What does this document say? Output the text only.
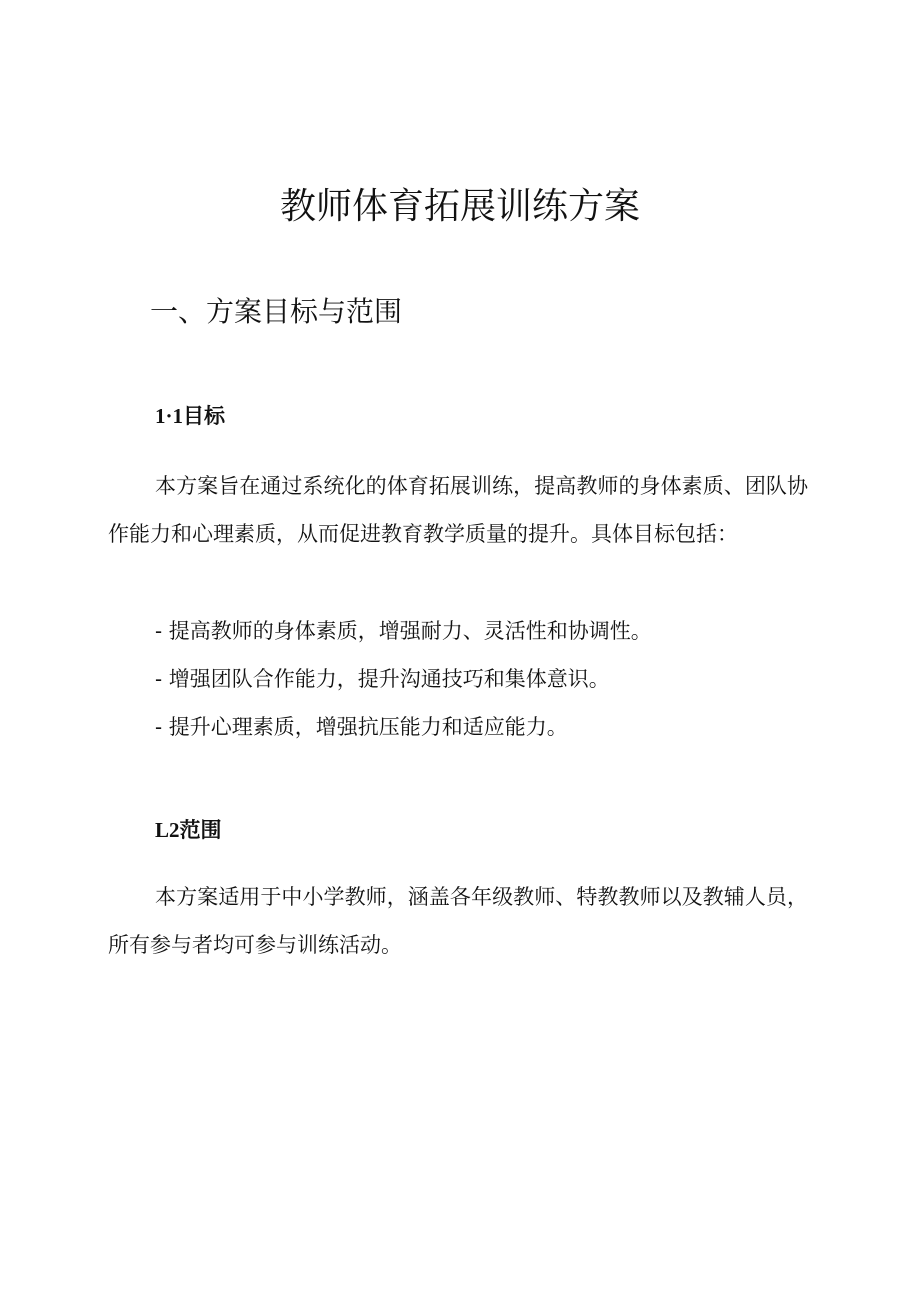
教师体育拓展训练方案
一、方案目标与范围
1·1目标

本方案旨在通过系统化的体育拓展训练，提高教师的身体素质、团队协作能力和心理素质，从而促进教育教学质量的提升。具体目标包括：

- 提高教师的身体素质，增强耐力、灵活性和协调性。

- 增强团队合作能力，提升沟通技巧和集体意识。

- 提升心理素质，增强抗压能力和适应能力。

L2范围

本方案适用于中小学教师，涵盖各年级教师、特教教师以及教辅人员，所有参与者均可参与训练活动。
